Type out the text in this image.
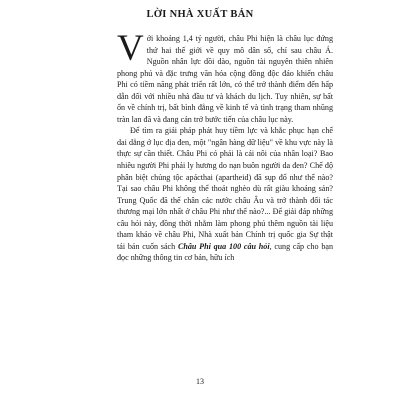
LỜI NHÀ XUẤT BẢN

Với khoảng 1,4 tỷ người, châu Phi hiện là châu lục đứng thứ hai thế giới về quy mô dân số, chỉ sau châu Á. Nguồn nhân lực dồi dào, nguồn tài nguyên thiên nhiên phong phú và đặc trưng văn hóa cộng đồng độc đáo khiến châu Phi có tiềm năng phát triển rất lớn, có thể trở thành điểm đến hấp dẫn đối với nhiều nhà đầu tư và khách du lịch. Tuy nhiên, sự bất ổn về chính trị, bất bình đẳng về kinh tế và tình trạng tham nhũng tràn lan đã và đang cản trở bước tiến của châu lục này.

Để tìm ra giải pháp phát huy tiềm lực và khắc phục hạn chế dai dẳng ở lục địa đen, một "ngân hàng dữ liệu" về khu vực này là thực sự cần thiết. Châu Phi có phải là cái nôi của nhân loại? Bao nhiêu người Phi phải ly hương do nạn buôn người da đen? Chế độ phân biệt chủng tộc apácthai (apartheid) đã sụp đổ như thế nào? Tại sao châu Phi không thể thoát nghèo dù rất giàu khoáng sản? Trung Quốc đã thế chân các nước châu Âu và trở thành đối tác thương mại lớn nhất ở châu Phi như thế nào?... Để giải đáp những câu hỏi này, đồng thời nhằm làm phong phú thêm nguồn tài liệu tham khảo về châu Phi, Nhà xuất bản Chính trị quốc gia Sự thật tái bản cuốn sách Châu Phi qua 100 câu hỏi, cung cấp cho bạn đọc những thông tin cơ bản, hữu ích

13
